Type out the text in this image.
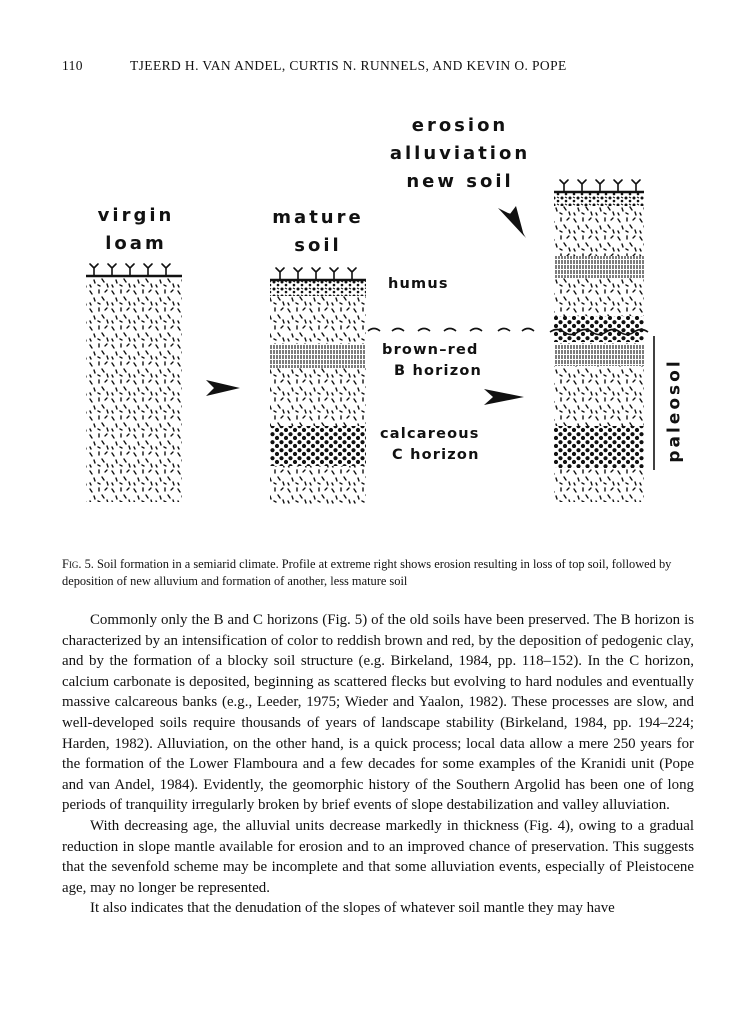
110	TJEERD H. VAN ANDEL, CURTIS N. RUNNELS, AND KEVIN O. POPE
virgin
loam
mature
soil
erosion
alluviation
new soil
humus
brown–red
B horizon
calcareous
C horizon	paleosol
Fig. 5. Soil formation in a semiarid climate. Profile at extreme right shows erosion resulting in loss of top soil, followed by deposition of new alluvium and formation of another, less mature soil

Commonly only the B and C horizons (Fig. 5) of the old soils have been preserved. The B horizon is characterized by an intensification of color to reddish brown and red, by the deposition of pedogenic clay, and by the formation of a blocky soil structure (e.g. Birkeland, 1984, pp. 118–152). In the C horizon, calcium carbonate is deposited, beginning as scattered flecks but evolving to hard nodules and eventually massive calcareous banks (e.g., Leeder, 1975; Wieder and Yaalon, 1982). These processes are slow, and well-developed soils require thousands of years of landscape stability (Birkeland, 1984, pp. 194–224; Harden, 1982). Alluviation, on the other hand, is a quick process; local data allow a mere 250 years for the formation of the Lower Flamboura and a few decades for some examples of the Kranidi unit (Pope and van Andel, 1984). Evidently, the geomorphic history of the Southern Argolid has been one of long periods of tranquility irregularly broken by brief events of slope destabilization and valley alluviation.

With decreasing age, the alluvial units decrease markedly in thickness (Fig. 4), owing to a gradual reduction in slope mantle available for erosion and to an improved chance of preservation. This suggests that the sevenfold scheme may be incomplete and that some alluviation events, especially of Pleistocene age, may no longer be represented.

It also indicates that the denudation of the slopes of whatever soil mantle they may have
